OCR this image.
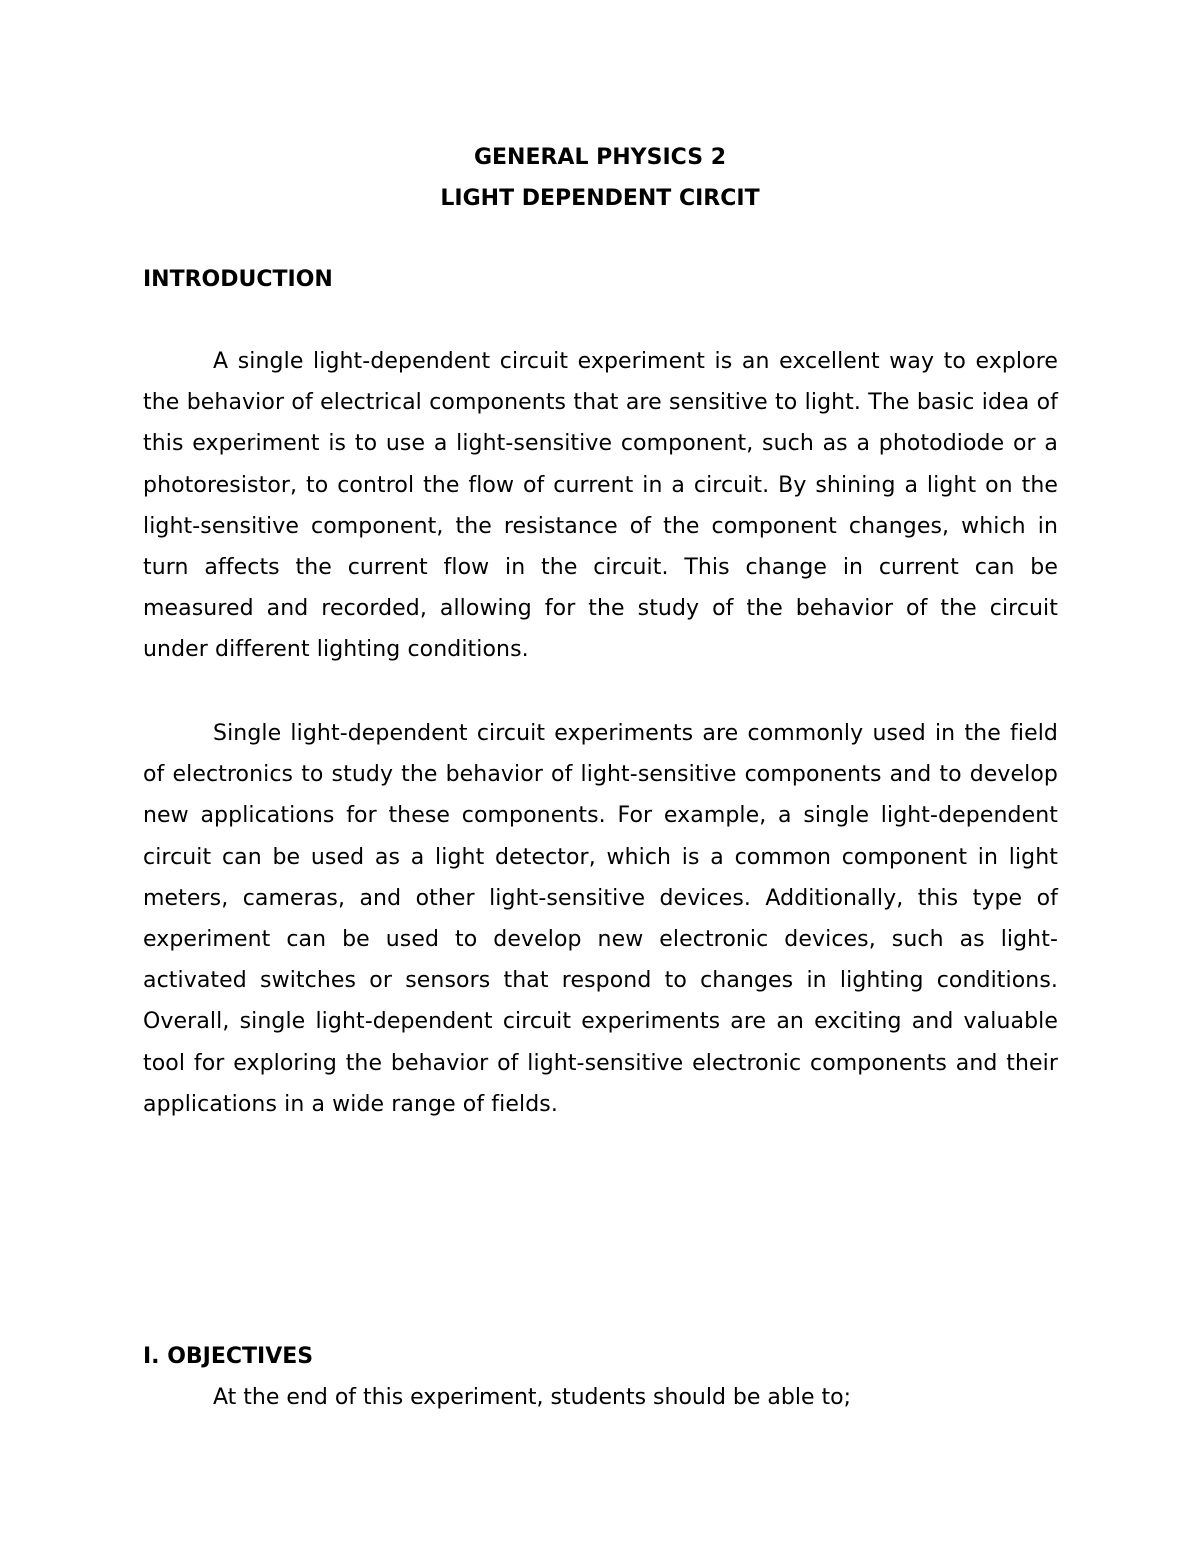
GENERAL PHYSICS 2
LIGHT DEPENDENT CIRCIT
INTRODUCTION

A single light-dependent circuit experiment is an excellent way to explore the behavior of electrical components that are sensitive to light. The basic idea of this experiment is to use a light-sensitive component, such as a photodiode or a photoresistor, to control the flow of current in a circuit. By shining a light on the light-sensitive component, the resistance of the component changes, which in turn affects the current flow in the circuit. This change in current can be measured and recorded, allowing for the study of the behavior of the circuit under different lighting conditions.

Single light-dependent circuit experiments are commonly used in the field of electronics to study the behavior of light-sensitive components and to develop new applications for these components. For example, a single light-dependent circuit can be used as a light detector, which is a common component in light meters, cameras, and other light-sensitive devices. Additionally, this type of experiment can be used to develop new electronic devices, such as light-activated switches or sensors that respond to changes in lighting conditions. Overall, single light-dependent circuit experiments are an exciting and valuable tool for exploring the behavior of light-sensitive electronic components and their applications in a wide range of fields.

I. OBJECTIVES

At the end of this experiment, students should be able to;
